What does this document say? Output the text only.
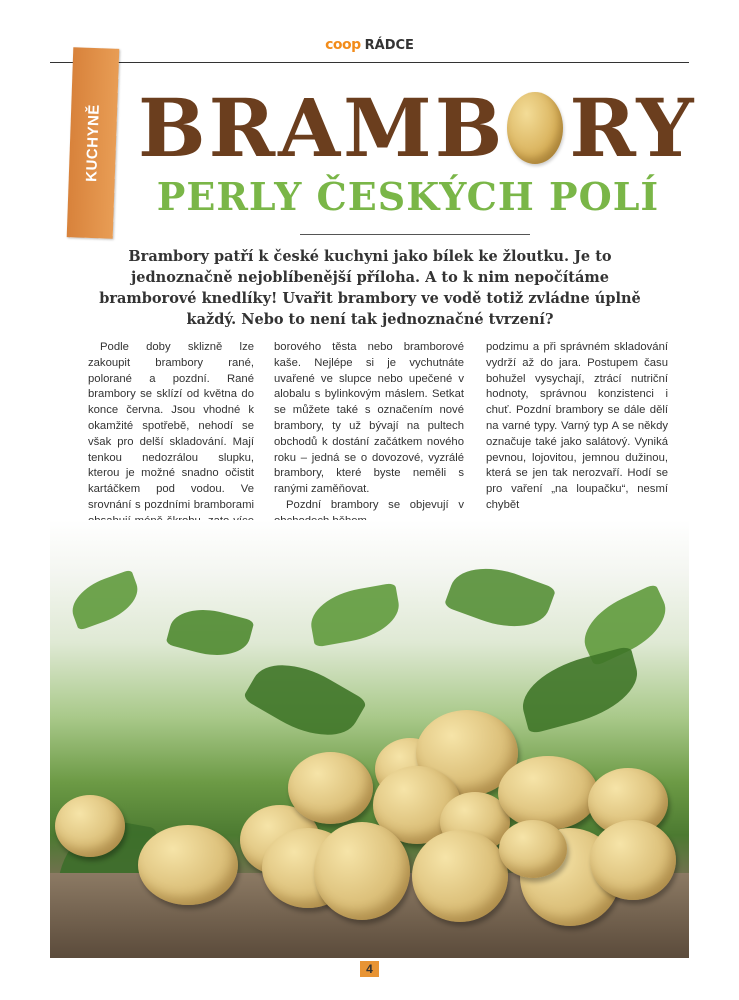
coop RÁDCE
KUCHYNĚ BRAMB RY
PERLY ČESKÝCH POLÍ
Brambory patří k české kuchyni jako bílek ke žloutku. Je to jednoznačně nejoblíbenější příloha. A to k nim nepočítáme bramborové knedlíky! Uvařit brambory ve vodě totiž zvládne úplně každý. Nebo to není tak jednoznačné tvrzení?

Podle doby sklizně lze zakoupit brambory rané, polorané a pozdní. Rané brambory se sklízí od května do konce června. Jsou vhodné k okamžité spotřebě, nehodí se však pro delší skladování. Mají tenkou nedozrálou slupku, kterou je možné snadno očistit kartáčkem pod vodou. Ve srovnání s pozdními bramborami

borového těsta nebo bramborové kaše. Nejlépe si je vychutnáte uvařené ve slupce nebo upečené v alobalu s bylinkovým máslem. Setkat se můžete také s označením nové brambory, ty už bývají na pultech obchodů k dostání začátkem nového roku – jedná se o dovozové, vyzrálé brambory, které byste neměli s ranými zaměňovat.

Pozdní brambory se objevují v

podzimu a při správném skladování vydrží až do jara. Postupem času bohužel vysychají, ztrácí nutriční hodnoty, správnou konzistenci i chuť. Pozdní brambory se dále dělí na varné typy. Varný typ A se někdy označuje také jako salátový. Vyniká pevnou, lojovitou, jemnou dužinou, která se jen tak nerozvaří. Hodí se pro vaření „na loupačku“, nesmí chybět

4
